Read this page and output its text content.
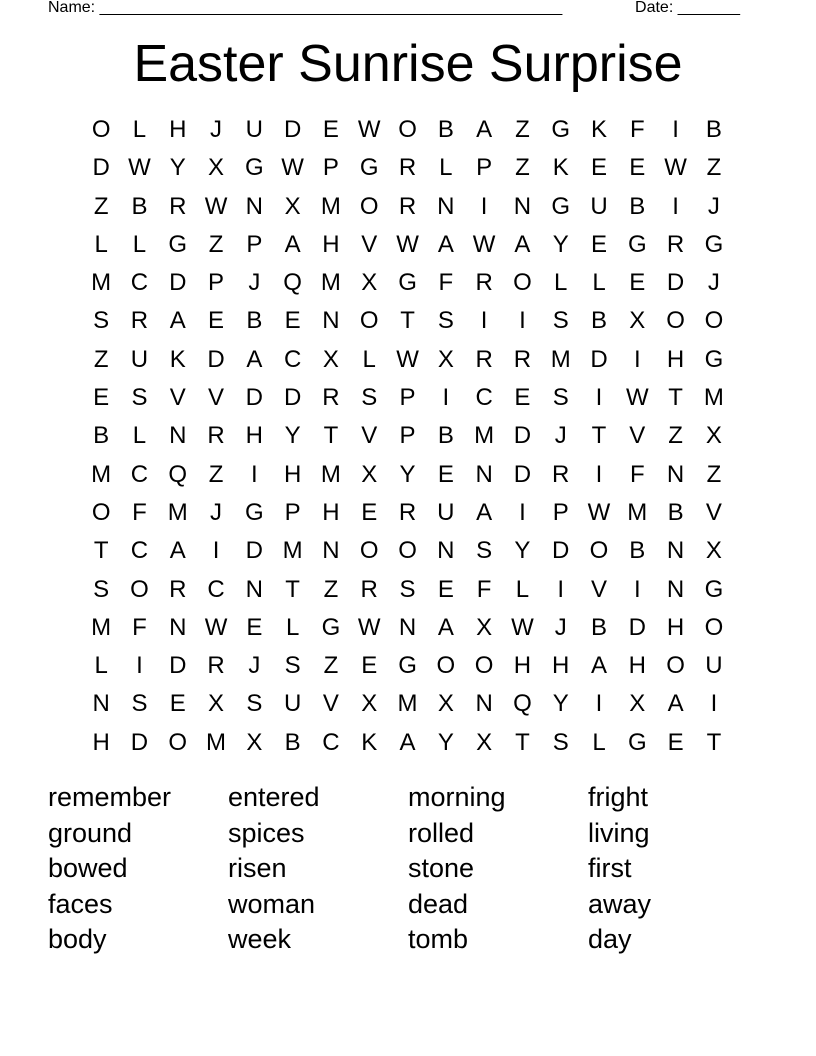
Name: ____________________________________________________	Date: _______
Easter Sunrise Surprise
O L H J U D E W O B A Z G K F	I	B
D W Y X G W P G R L P Z K E E W Z
Z B R W N X M O R N	I	N G U B	I	J
L	L G Z P A H V W A W A Y E G R G
M C D P	J Q M X G F R O L	L E D J
S R A E B E N O T S	I	I	S B X O O
Z U K D A C X L W X R R M D	I	H G
E S V V D D R S P	I	C E S	I W T M
B L N R H Y T V P B M D J	T V Z X
M C Q Z	I	H M X Y E N D R	I	F N Z
O F M J G P H E R U A	I	P W M B V
T C A	I	D M N O O N S Y D O B N X
S O R C N T Z R S E F	L	I	V	I	N G
M F N W E L G W N A X W J	B D H O
L	I	D R J	S Z E G O O H H A H O U
N S E X S U V X M X N Q Y	I	X A	I
H D O M X B C K A Y X T S L G E T
remember	entered	morning	fright
ground	spices	rolled	living
bowed	risen	stone	first
faces	woman	dead	away
body	week	tomb	day
